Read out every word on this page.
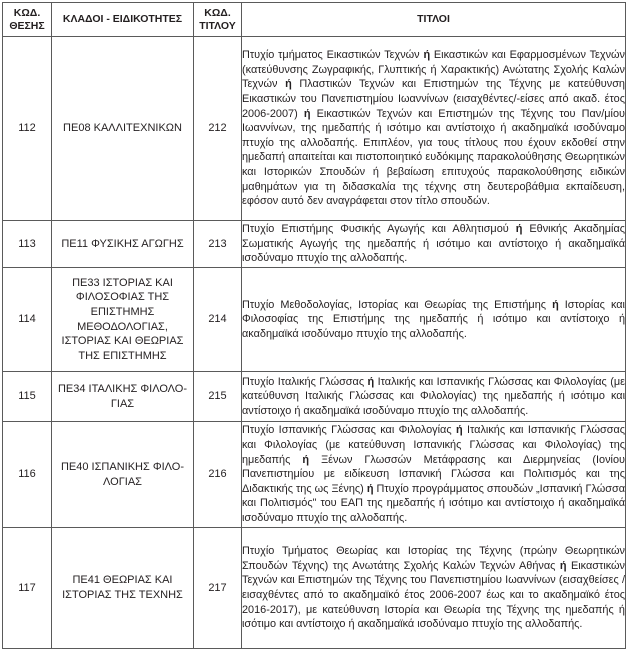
ΚΩΔ. ΘΕΣΗΣ	ΚΛΑΔΟΙ - ΕΙΔΙΚΟΤΗΤΕΣ	ΚΩΔ. ΤΙΤΛΟΥ	ΤΙΤΛΟΙ
112	ΠΕ08 ΚΑΛΛΙΤΕΧΝΙΚΩΝ	212	Πτυχίο τμήματος Εικαστικών Τεχνών ή Εικαστικών και Εφαρμοσμένων Τεχνών (κατεύθυνσης Ζωγραφικής, Γλυπτικής ή Χαρακτικής) Ανώτατης Σχολής Καλών Τεχνών ή Πλαστικών Τεχνών και Επιστημών της Τέχνης με κατεύθυνση Εικαστικών του Πανεπιστημίου Ιωαννίνων (εισαχθέντες/-είσες από ακαδ. έτος 2006-2007) ή Εικαστικών Τεχνών και Επιστημών της Τέχνης του Παν/μίου Ιωαννίνων, της ημεδαπής ή ισότιμο και αντίστοιχο ή ακαδημαϊκά ισοδύναμο πτυχίο της αλλοδαπής. Επιπλέον, για τους τίτλους που έχουν εκδοθεί στην ημεδαπή απαιτείται και πιστοποιητικό ευδόκιμης παρακολούθησης Θεωρητικών και Ιστορικών Σπουδών ή βεβαίωση επιτυχούς παρακολούθησης ειδικών μαθημάτων για τη διδασκαλία της τέχνης στη δευτεροβάθμια εκπαίδευση, εφόσον αυτό δεν αναγράφεται στον τίτλο σπουδών.
113	ΠΕ11 ΦΥΣΙΚΗΣ ΑΓΩΓΗΣ	213	Πτυχίο Επιστήμης Φυσικής Αγωγής και Αθλητισμού ή Εθνικής Ακαδημίας Σωματικής Αγωγής της ημεδαπής ή ισότιμο και αντίστοιχο ή ακαδημαϊκά ισοδύναμο πτυχίο της αλλοδαπής.
114	ΠΕ33 ΙΣΤΟΡΙΑΣ ΚΑΙ ΦΙΛΟΣΟΦΙΑΣ ΤΗΣ ΕΠΙΣΤΗΜΗΣ ΜΕΘΟΔΟΛΟΓΙΑΣ, ΙΣΤΟΡΙΑΣ ΚΑΙ ΘΕΩΡΙΑΣ ΤΗΣ ΕΠΙΣΤΗΜΗΣ	214	Πτυχίο Μεθοδολογίας, Ιστορίας και Θεωρίας της Επιστήμης ή Ιστορίας και Φιλοσοφίας της Επιστήμης της ημεδαπής ή ισότιμο και αντίστοιχο ή ακαδημαϊκά ισοδύναμο πτυχίο της αλλοδαπής.
115	ΠΕ34 ΙΤΑΛΙΚΗΣ ΦΙΛΟΛΟ-ΓΙΑΣ	215	Πτυχίο Ιταλικής Γλώσσας ή Ιταλικής και Ισπανικής Γλώσσας και Φιλολογίας (με κατεύθυνση Ιταλικής Γλώσσας και Φιλολογίας) της ημεδαπής ή ισότιμο και αντίστοιχο ή ακαδημαϊκά ισοδύναμο πτυχίο της αλλοδαπής.
116	ΠΕ40 ΙΣΠΑΝΙΚΗΣ ΦΙΛΟ-ΛΟΓΙΑΣ	216	Πτυχίο Ισπανικής Γλώσσας και Φιλολογίας ή Ιταλικής και Ισπανικής Γλώσσας και Φιλολογίας (με κατεύθυνση Ισπανικής Γλώσσας και Φιλολογίας) της ημεδαπής ή Ξένων Γλωσσών Μετάφρασης και Διερμηνείας (Ιονίου Πανεπιστημίου με ειδίκευση Ισπανική Γλώσσα και Πολιτισμός και της Διδακτικής της ως Ξένης) ή Πτυχίο προγράμματος σπουδών „Ισπανική Γλώσσα και Πολιτισμός" του ΕΑΠ της ημεδαπής ή ισότιμο και αντίστοιχο ή ακαδημαϊκά ισοδύναμο πτυχίο της αλλοδαπής.
117	ΠΕ41 ΘΕΩΡΙΑΣ ΚΑΙ ΙΣΤΟΡΙΑΣ ΤΗΣ ΤΕΧΝΗΣ	217	Πτυχίο Τμήματος Θεωρίας και Ιστορίας της Τέχνης (πρώην Θεωρητικών Σπουδών Τέχνης) της Ανωτάτης Σχολής Καλών Τεχνών Αθήνας ή Εικαστικών Τεχνών και Επιστημών της Τέχνης του Πανεπιστημίου Ιωαννίνων (εισαχθείσες /εισαχθέντες από το ακαδημαϊκό έτος 2006-2007 έως και το ακαδημαϊκό έτος 2016-2017), με κατεύθυνση Ιστορία και Θεωρία της Τέχνης της ημεδαπής ή ισότιμο και αντίστοιχο ή ακαδημαϊκά ισοδύναμο πτυχίο της αλλοδαπής.
